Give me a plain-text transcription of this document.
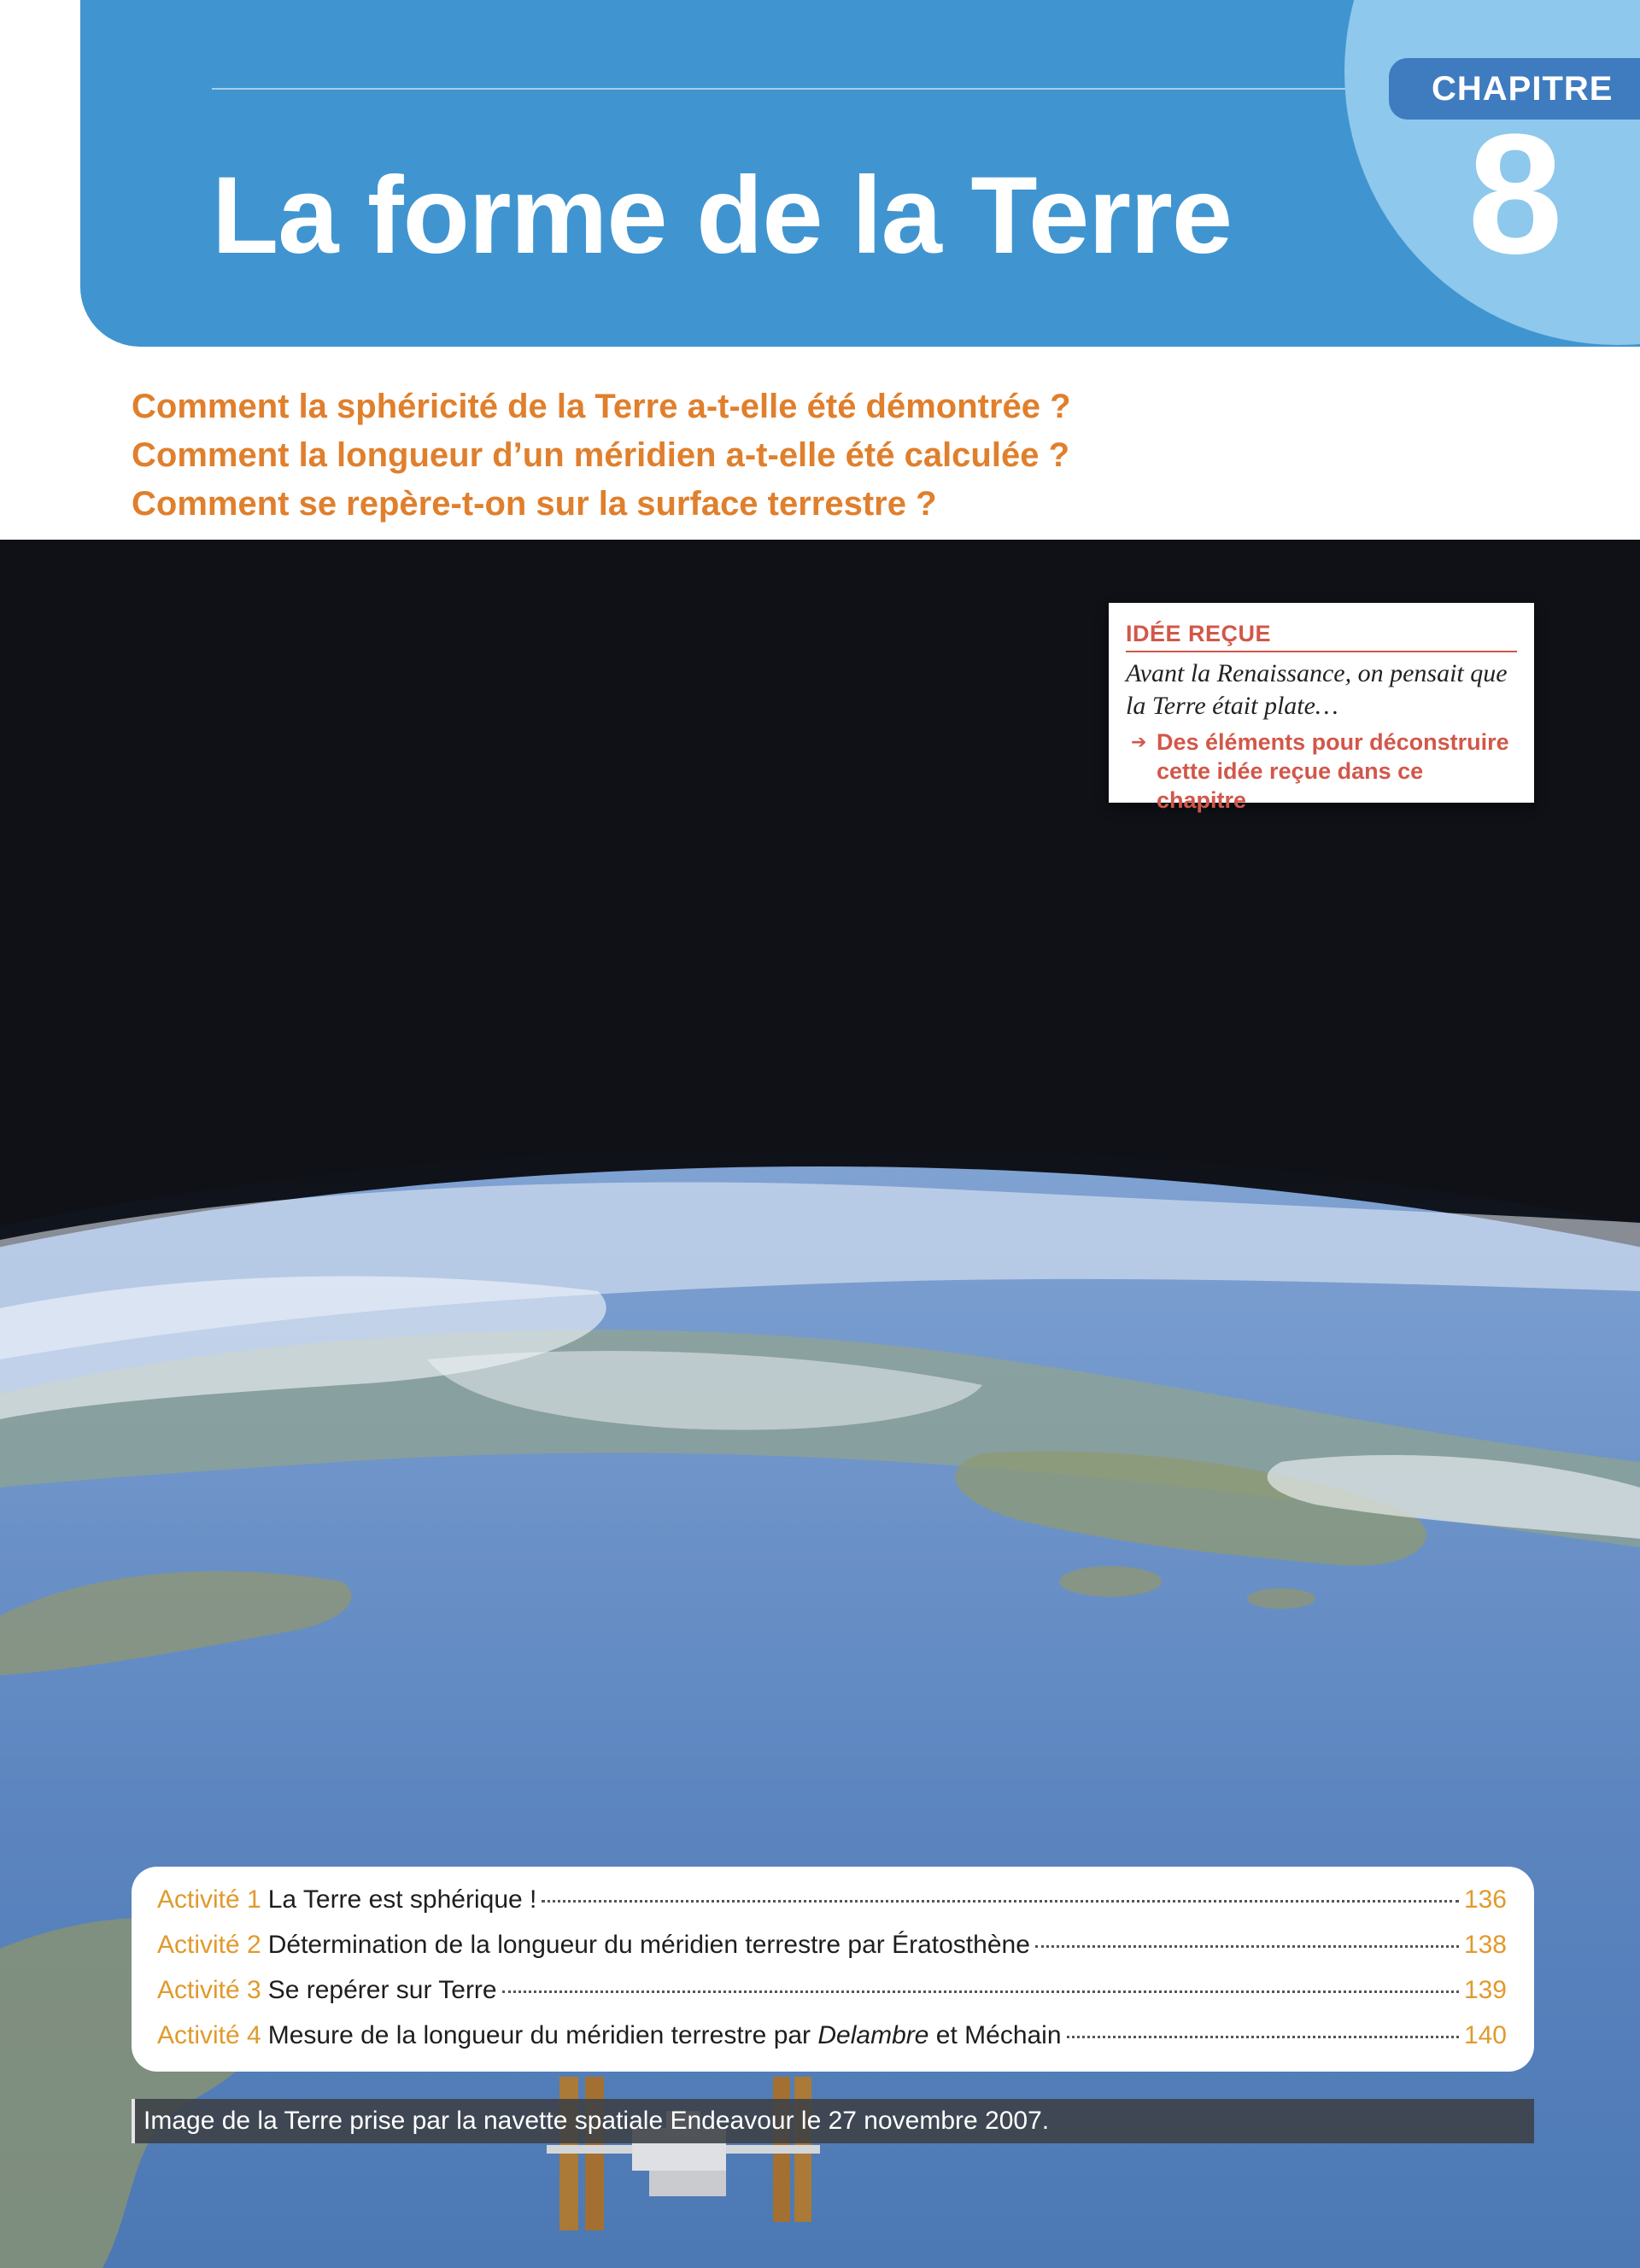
CHAPITRE
8
La forme de la Terre
Comment la sphéricité de la Terre a-t-elle été démontrée ?
Comment la longueur d’un méridien a-t-elle été calculée ?
Comment se repère-t-on sur la surface terrestre ?
IDÉE REÇUE
Avant la Renaissance, on pensait que la Terre était plate…
➔ Des éléments pour déconstruire cette idée reçue dans ce chapitre
Activité 1 La Terre est sphérique !	136
Activité 2 Détermination de la longueur du méridien terrestre par Ératosthène	138
Activité 3 Se repérer sur Terre	139
Activité 4 Mesure de la longueur du méridien terrestre par Delambre et Méchain	140
Image de la Terre prise par la navette spatiale Endeavour le 27 novembre 2007.
